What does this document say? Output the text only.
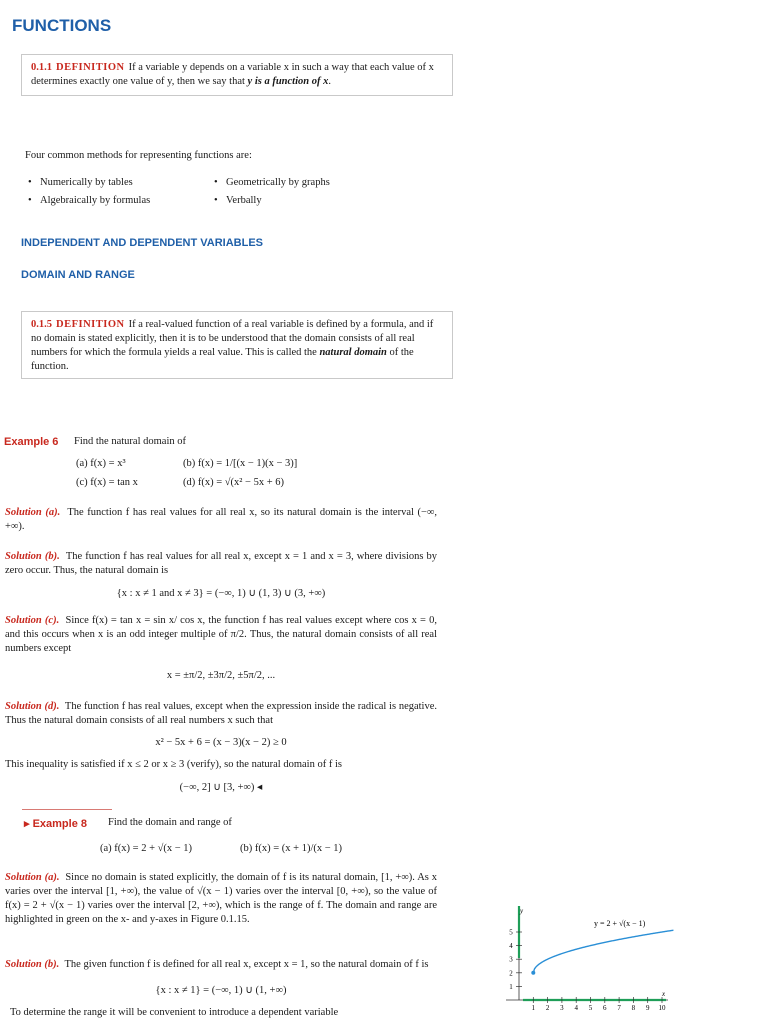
FUNCTIONS
0.1.1 DEFINITION If a variable y depends on a variable x in such a way that each value of x determines exactly one value of y, then we say that y is a function of x.
Four common methods for representing functions are:
• Numerically by tables
• Algebraically by formulas
• Geometrically by graphs
• Verbally
INDEPENDENT AND DEPENDENT VARIABLES
DOMAIN AND RANGE
0.1.5 DEFINITION If a real-valued function of a real variable is defined by a formula, and if no domain is stated explicitly, then it is to be understood that the domain consists of all real numbers for which the formula yields a real value. This is called the natural domain of the function.
Example 6 Find the natural domain of
(a) f(x) = x³	(b) f(x) = 1/[(x − 1)(x − 3)]
(c) f(x) = tan x	(d) f(x) = √(x² − 5x + 6)
Solution (a). The function f has real values for all real x, so its natural domain is the interval (−∞, +∞).
Solution (b). The function f has real values for all real x, except x = 1 and x = 3, where divisions by zero occur. Thus, the natural domain is
{x : x ≠ 1 and x ≠ 3} = (−∞, 1) ∪ (1, 3) ∪ (3, +∞)
Solution (c). Since f(x) = tan x = sin x/ cos x, the function f has real values except where cos x = 0, and this occurs when x is an odd integer multiple of π/2. Thus, the natural domain consists of all real numbers except
x = ±π/2, ±3π/2, ±5π/2, ...
Solution (d). The function f has real values, except when the expression inside the radical is negative. Thus the natural domain consists of all real numbers x such that
x² − 5x + 6 = (x − 3)(x − 2) ≥ 0
This inequality is satisfied if x ≤ 2 or x ≥ 3 (verify), so the natural domain of f is
(−∞, 2] ∪ [3, +∞) ◂
▸ Example 8 Find the domain and range of
(a) f(x) = 2 + √(x − 1)	(b) f(x) = (x + 1)/(x − 1)
Solution (a). Since no domain is stated explicitly, the domain of f is its natural domain, [1, +∞). As x varies over the interval [1, +∞), the value of √(x − 1) varies over the interval [0, +∞), so the value of f(x) = 2 + √(x − 1) varies over the interval [2, +∞), which is the range of f. The domain and range are highlighted in green on the x- and y-axes in Figure 0.1.15.
Solution (b). The given function f is defined for all real x, except x = 1, so the natural domain of f is
{x : x ≠ 1} = (−∞, 1) ∪ (1, +∞)
To determine the range it will be convenient to introduce a dependent variable	1 2 3 4 5 6 7 8 9 10
1
2
3
4
5
y
x
y = 2 + √(x − 1)
